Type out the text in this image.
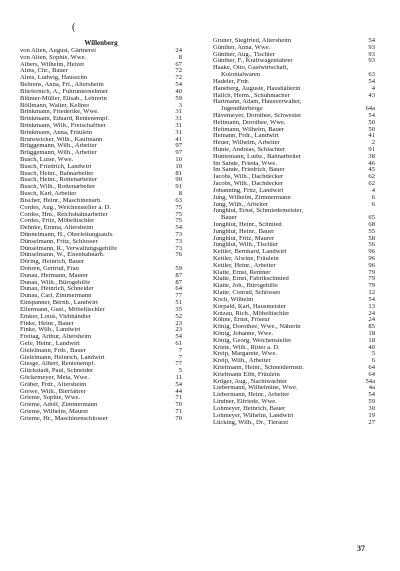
(
Willenberg
von Alten, August, Gärtnerei	24
von Alten, Sophie, Wwe.	8
Albers, Wilhelm, Heizer	67
Alms, Chr., Bauer	72
Alms, Ludwig, Hausschn	72
Behrens, Anna, Frl., Altersheim	54
Bliefernich, A., Fuhrunternehmer	40
Blümer-Müller, Elisab., Lehrerin	59
Böllmann, Walter, Kellner	3
Brinkmann, Friederike, Wwe.	31
Brinkmann, Eduard, Rentenempf.	31
Brinkmann, Wilh., Freischaffner	31
Brinkmann, Anna, Fräulein	31
Brunswicker, Wilh., Kaufmann	41
Brüggemann, Wilh., Arbeiter	97
Brüggemann, Wilh., Arbeiter	97
Busch, Luise, Wwe.	10
Busch, Friedrich, Landwirt	10
Busch, Heinr., Bahnarbeiter	81
Busch, Heinr., Rottenarbeiter	90
Busch, Wilh., Rottenarbeiter	91
Busch, Karl, Arbeiter	8
Bischer, Heinr., Maschinenarb.	63
Cordes, Aug., Weichensteller a. D.	75
Cordes, Hm., Reichsbahnarbeiter	75
Cordes, Fritz, Möbeltischler	75
Dehnke, Emma, Altersheim	54
Dünnelmann, H., Oberleitungsaufs.	73
Dünselmann, Fritz, Schlosser	73
Dünselmann, R., Verwaltungsgehilfe	73
Dünselmann, W., Eisenbahnarb.	76
Döring, Heinrich, Bauer
Dohren, Gertrud, Frau	59
Dunau, Hermann, Maurer	87
Dunau, Wilh., Bürogehilfe	87
Dunau, Heinrich, Schneider	64
Dunau, Carl, Zimmermann	77
Einspanner, Bernh., Landwirt	51
Ellermann, Gust., Möbeltischler	35
Emker, Louis, Viehhändler	52
Finke, Heinr., Bauer	23
Finke, Wilh., Landwirt	23
Freitag, Arthur, Altersheim	54
Gefe, Heinr., Landwirt	61
Gielelmann, Frdr., Bauer	7
Gielelmann, Heinrich, Landwirt	7
Giesge, Albert, Rentenempf.	77
Glückstadt, Paul, Schneider	5
Göckemeyer, Meta, Wwe.	11
Gräber, Frdr., Altersheim	54
Grewe, Wilh., Bierfahrer	44
Grieme, Sophie, Wwe.	71
Grieme, Adolf, Zimmermann	70
Grieme, Wilhelm, Maurer	71
Grieme, Hr., Maschinenschlosser	70
Gruner, Siegfried, Altersheim	54
Günther, Anna, Wwe.	93
Günther, Aug., Tischler	93
Günther, F., Kraftwagenfahrer	93
Haake, Otto, Gastwirtschaft,
Kolonialwaren	63
Hadeler, Frdr.	54
Haneberg, Auguste, Haushälterin	4
Hallch, Herm., Schuhmacher	43
Hartmann, Adam, Hausverwalter,
Jugendherberge	64a
Hävemeyer, Dorothee, Schwester	54
Heitmann, Dorothee, Wwe.	50
Heitmann, Wilhelm, Bauer	50
Hemann, Frdr., Landwirt	41
Heuer, Wilhelm, Arbeiter	2
Hunte, Andreas, Schlachter	91
Huntemann, Ludw., Bahnarbeiter	38
Im Sande, Frieda, Wwe.	46
Im Sande, Friedrich, Bauer	45
Jacobs, Wilh., Dachdecker	62
Jacobs, Wilh., Dachdecker	62
Jobanning, Fritz, Landwirt	4
Jung, Wilhelm, Zimmermann	6
Jung, Wilh., Arbeiter	6
Junghlut, Ernst, Schmiedemeister,
Bauer	65
Junghlut, Heinr., Schmied	68
Junghlut, Heinr., Bauer	55
Junghlut, Fritz, Maurer	58
Junghlut, Wilh., Tischler	56
Kettler, Bernhard, Landwirt	96
Kettler, Alwine, Fräulein	96
Kettler, Heinr., Arbeiter	96
Klatte, Ernst, Rentner	79
Klatte, Ernst, Fabrikschmied	79
Klatte, Joh., Bürogehilfe	79
Klatte, Conrad, Schlosser	12
Koch, Wilhelm	54
Korpald, Karl, Hausmeister	13
Kotzau, Rich., Möbeltischler	24
Köhne, Ernst, Friseur	24
König, Dorothee, Wwe., Näherin	85
König, Johanne, Wwe.	18
König, Georg, Weichensteller	18
Kriete, Wilh., Ritter a. D.	40
Kreip, Margarete, Wwe.	5
Kreip, Wilh., Arbeiter	6
Kriefmann, Heinr., Schneidermstr.	64
Kriefmann Elfn, Fräulein	64
Krüger, Aug., Nachtwächter	54a
Liebermann, Wilhelmine, Wwe.	4a
Liebermann, Heinr., Arbeiter	54
Lindner, Elfriede, Wwe.	59
Lohmeyer, Heinrich, Bauer	30
Lohmeyer, Wilhelm, Landwirt	19
Lücking, Wilh., Dr., Tierarzt	27
37
